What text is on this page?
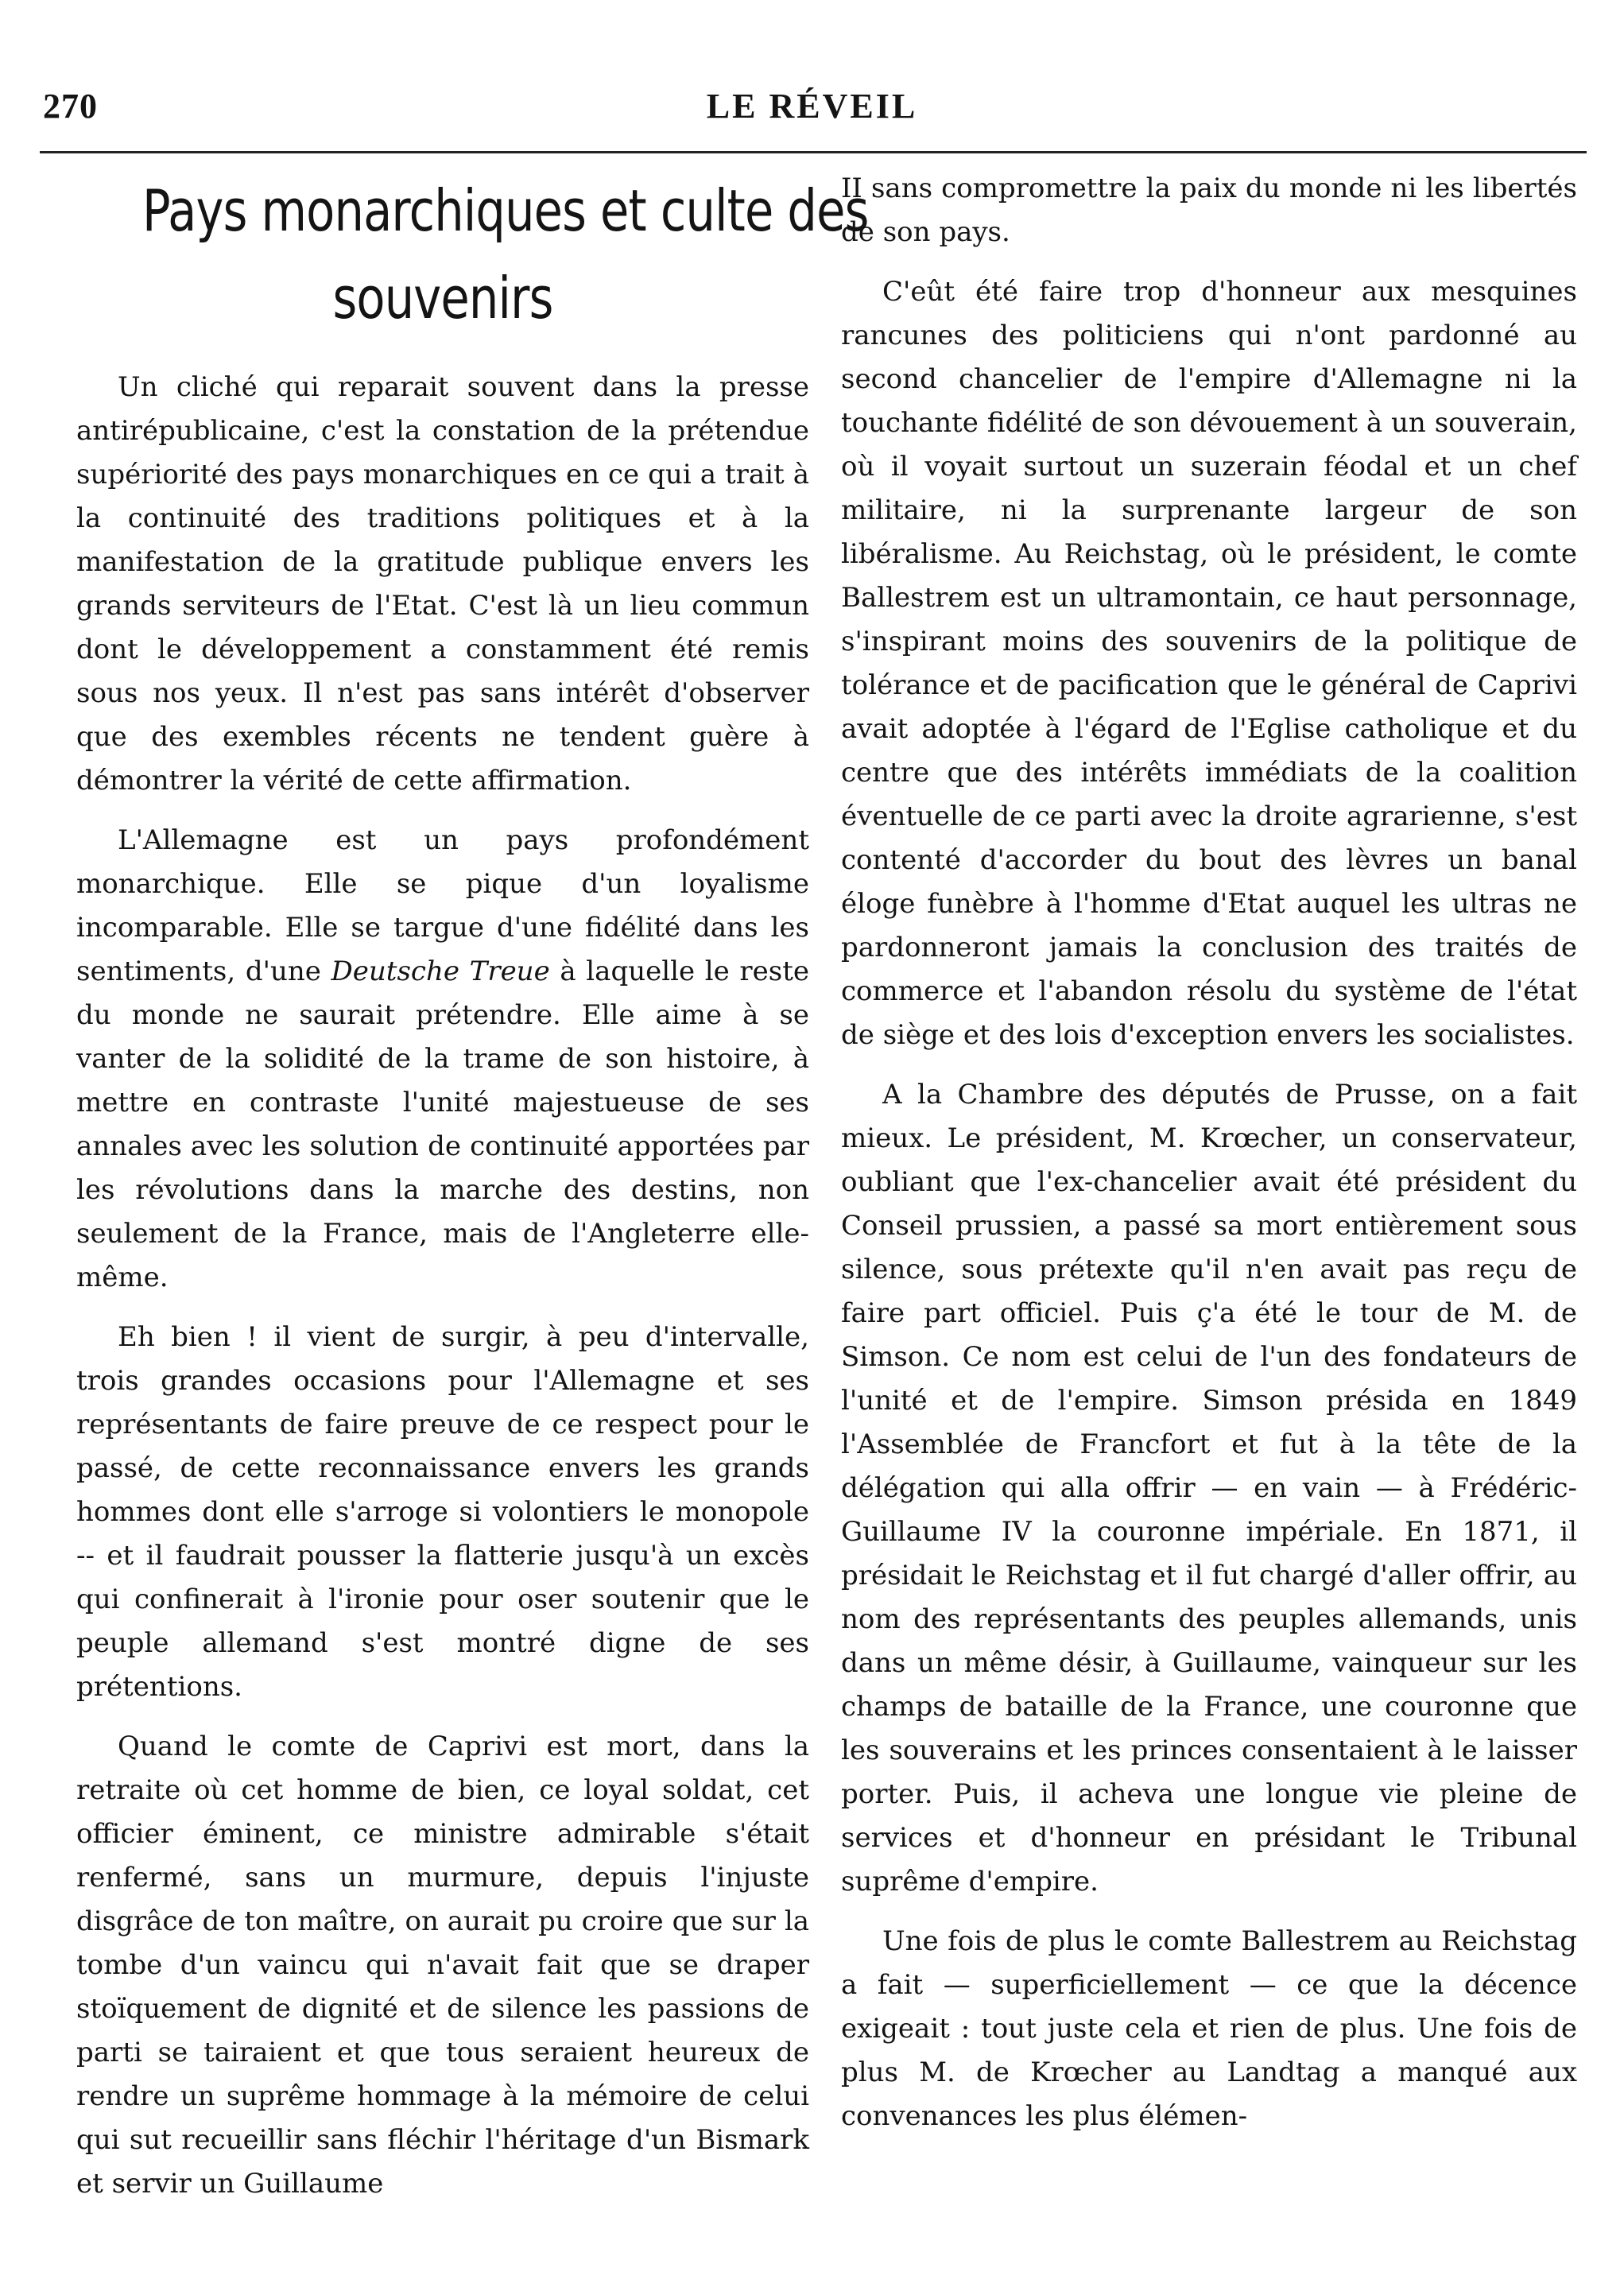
270	LE RÉVEIL
Pays monarchiques et culte des
souvenirs

Un cliché qui reparait souvent dans la presse antirépublicaine, c'est la constation de la prétendue supériorité des pays monarchiques en ce qui a trait à la continuité des traditions politiques et à la manifestation de la gratitude publique envers les grands serviteurs de l'Etat. C'est là un lieu commun dont le développement a constamment été remis sous nos yeux. Il n'est pas sans intérêt d'observer que des exembles récents ne tendent guère à démontrer la vérité de cette affirmation.

L'Allemagne est un pays profondément monarchique. Elle se pique d'un loyalisme incomparable. Elle se targue d'une fidélité dans les sentiments, d'une Deutsche Treue à laquelle le reste du monde ne saurait prétendre. Elle aime à se vanter de la solidité de la trame de son histoire, à mettre en contraste l'unité majestueuse de ses annales avec les solution de continuité apportées par les révolutions dans la marche des destins, non seulement de la France, mais de l'Angleterre elle-même.

Eh bien ! il vient de surgir, à peu d'intervalle, trois grandes occasions pour l'Allemagne et ses représentants de faire preuve de ce respect pour le passé, de cette reconnaissance envers les grands hommes dont elle s'arroge si volontiers le monopole -- et il faudrait pousser la flatterie jusqu'à un excès qui confinerait à l'ironie pour oser soutenir que le peuple allemand s'est montré digne de ses prétentions.

Quand le comte de Caprivi est mort, dans la retraite où cet homme de bien, ce loyal soldat, cet officier éminent, ce ministre admirable s'était renfermé, sans un murmure, depuis l'injuste disgrâce de ton maître, on aurait pu croire que sur la tombe d'un vaincu qui n'avait fait que se draper stoïquement de dignité et de silence les passions de parti se tairaient et que tous seraient heureux de rendre un suprême hommage à la mémoire de celui qui sut recueillir sans fléchir l'héritage d'un Bismark et servir un Guillaume

II sans compromettre la paix du monde ni les libertés de son pays.

C'eût été faire trop d'honneur aux mesquines rancunes des politiciens qui n'ont pardonné au second chancelier de l'empire d'Allemagne ni la touchante fidélité de son dévouement à un souverain, où il voyait surtout un suzerain féodal et un chef militaire, ni la surprenante largeur de son libéralisme. Au Reichstag, où le président, le comte Ballestrem est un ultramontain, ce haut personnage, s'inspirant moins des souvenirs de la politique de tolérance et de pacification que le général de Caprivi avait adoptée à l'égard de l'Eglise catholique et du centre que des intérêts immédiats de la coalition éventuelle de ce parti avec la droite agrarienne, s'est contenté d'accorder du bout des lèvres un banal éloge funèbre à l'homme d'Etat auquel les ultras ne pardonneront jamais la conclusion des traités de commerce et l'abandon résolu du système de l'état de siège et des lois d'exception envers les socialistes.

A la Chambre des députés de Prusse, on a fait mieux. Le président, M. Krœcher, un conservateur, oubliant que l'ex-chancelier avait été président du Conseil prussien, a passé sa mort entièrement sous silence, sous prétexte qu'il n'en avait pas reçu de faire part officiel. Puis ç'a été le tour de M. de Simson. Ce nom est celui de l'un des fondateurs de l'unité et de l'empire. Simson présida en 1849 l'Assemblée de Francfort et fut à la tête de la délégation qui alla offrir — en vain — à Frédéric-Guillaume IV la couronne impériale. En 1871, il présidait le Reichstag et il fut chargé d'aller offrir, au nom des représentants des peuples allemands, unis dans un même désir, à Guillaume, vainqueur sur les champs de bataille de la France, une couronne que les souverains et les princes consentaient à le laisser porter. Puis, il acheva une longue vie pleine de services et d'honneur en présidant le Tribunal suprême d'empire.

Une fois de plus le comte Ballestrem au Reichstag a fait — superficiellement — ce que la décence exigeait : tout juste cela et rien de plus. Une fois de plus M. de Krœcher au Landtag a manqué aux convenances les plus élémen-
